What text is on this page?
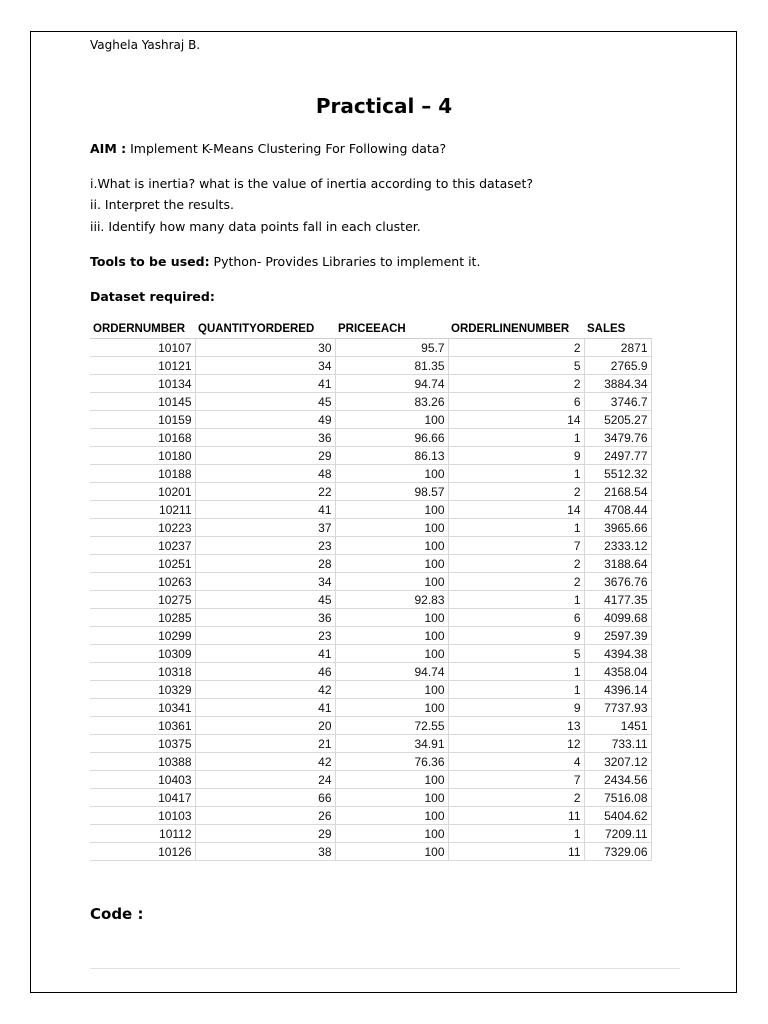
Vaghela Yashraj B.
Practical – 4
AIM : Implement K-Means Clustering For Following data?
i.What is inertia? what is the value of inertia according to this dataset?
ii. Interpret the results.
iii. Identify how many data points fall in each cluster.
Tools to be used: Python- Provides Libraries to implement it.
Dataset required:
ORDERNUMBER	QUANTITYORDERED	PRICEEACH	ORDERLINENUMBER	SALES
10107	30	95.7	2	2871
10121	34	81.35	5	2765.9
10134	41	94.74	2	3884.34
10145	45	83.26	6	3746.7
10159	49	100	14	5205.27
10168	36	96.66	1	3479.76
10180	29	86.13	9	2497.77
10188	48	100	1	5512.32
10201	22	98.57	2	2168.54
10211	41	100	14	4708.44
10223	37	100	1	3965.66
10237	23	100	7	2333.12
10251	28	100	2	3188.64
10263	34	100	2	3676.76
10275	45	92.83	1	4177.35
10285	36	100	6	4099.68
10299	23	100	9	2597.39
10309	41	100	5	4394.38
10318	46	94.74	1	4358.04
10329	42	100	1	4396.14
10341	41	100	9	7737.93
10361	20	72.55	13	1451
10375	21	34.91	12	733.11
10388	42	76.36	4	3207.12
10403	24	100	7	2434.56
10417	66	100	2	7516.08
10103	26	100	11	5404.62
10112	29	100	1	7209.11
10126	38	100	11	7329.06
Code :
